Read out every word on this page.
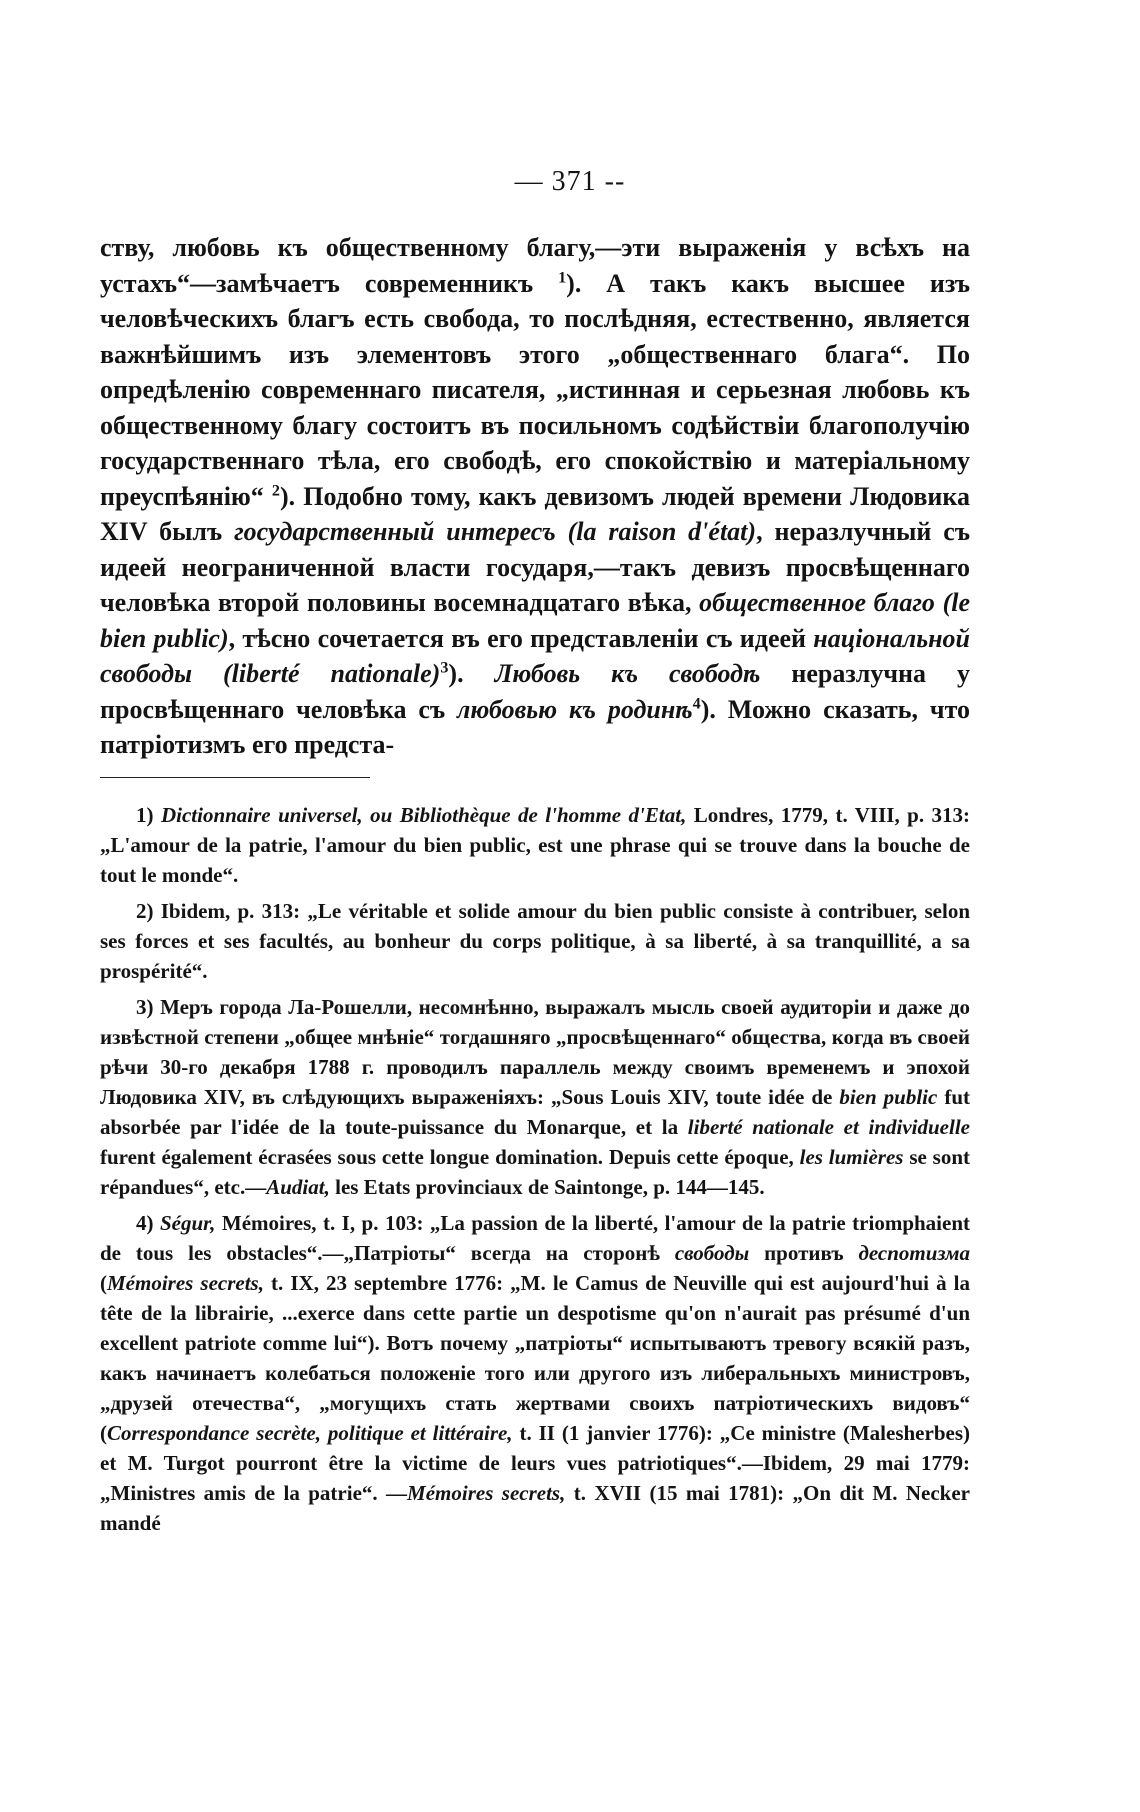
— 371 --

ству, любовь къ общественному благу,—эти выраженія у всѣхъ на устахъ“—замѣчаетъ современникъ $^1$). А такъ какъ высшее изъ человѣческихъ благъ есть свобода, то послѣдняя, естественно, является важнѣйшимъ изъ элементовъ этого „общественнаго блага“. По опредѣленію современнаго писателя, „истинная и серьезная любовь къ общественному благу состоитъ въ посильномъ содѣйствіи благополучію государственнаго тѣла, его свободѣ, его спокойствію и матеріальному преуспѣянію“ $^2$). Подобно тому, какъ девизомъ людей времени Людовика XIV былъ государственный интересъ (la raison d'état), неразлучный съ идеей неограниченной власти государя,—такъ девизъ просвѣщеннаго человѣка второй половины восемнадцатаго вѣка, общественное благо (le bien public), тѣсно сочетается въ его представленіи съ идеей національной свободы (liberté nationale)$^3$). Любовь къ свободѣ неразлучна у просвѣщеннаго человѣка съ любовью къ родинѣ$^4$). Можно сказать, что патріотизмъ его предста-

1) Dictionnaire universel, ou Bibliothèque de l'homme d'Etat, Londres, 1779, t. VIII, p. 313: „L'amour de la patrie, l'amour du bien public, est une phrase qui se trouve dans la bouche de tout le monde“.

2) Ibidem, p. 313: „Le véritable et solide amour du bien public consiste à contribuer, selon ses forces et ses facultés, au bonheur du corps politique, à sa liberté, à sa tranquillité, a sa prospérité“.

3) Меръ города Ла-Рошелли, несомнѣнно, выражалъ мысль своей аудиторіи и даже до извѣстной степени „общее мнѣніе“ тогдашняго „просвѣщеннаго“ общества, когда въ своей рѣчи 30-го декабря 1788 г. проводилъ параллель между своимъ временемъ и эпохой Людовика XIV, въ слѣдующихъ выраженіяхъ: „Sous Louis XIV, toute idée de bien public fut absorbée par l'idée de la toute-puissance du Monarque, et la liberté nationale et individuelle furent également écrasées sous cette longue domination. Depuis cette époque, les lumières se sont répandues“, etc.—Audiat, les Etats provinciaux de Saintonge, p. 144—145.

4) Ségur, Mémoires, t. I, p. 103: „La passion de la liberté, l'amour de la patrie triomphaient de tous les obstacles“.—„Патріоты“ всегда на сторонѣ свободы противъ деспотизма (Mémoires secrets, t. IX, 23 septembre 1776: „M. le Camus de Neuville qui est aujourd'hui à la tête de la librairie, ...exerce dans cette partie un despotisme qu'on n'aurait pas présumé d'un excellent patriote comme lui“). Вотъ почему „патріоты“ испытываютъ тревогу всякій разъ, какъ начинаетъ колебаться положеніе того или другого изъ либеральныхъ министровъ, „друзей отечества“, „могущихъ стать жертвами своихъ патріотическихъ видовъ“ (Correspondance secrète, politique et littéraire, t. II (1 janvier 1776): „Ce ministre (Malesherbes) et M. Turgot pourront être la victime de leurs vues patriotiques“.—Ibidem, 29 mai 1779: „Ministres amis de la patrie“. —Mémoires secrets, t. XVII (15 mai 1781): „On dit M. Necker mandé
